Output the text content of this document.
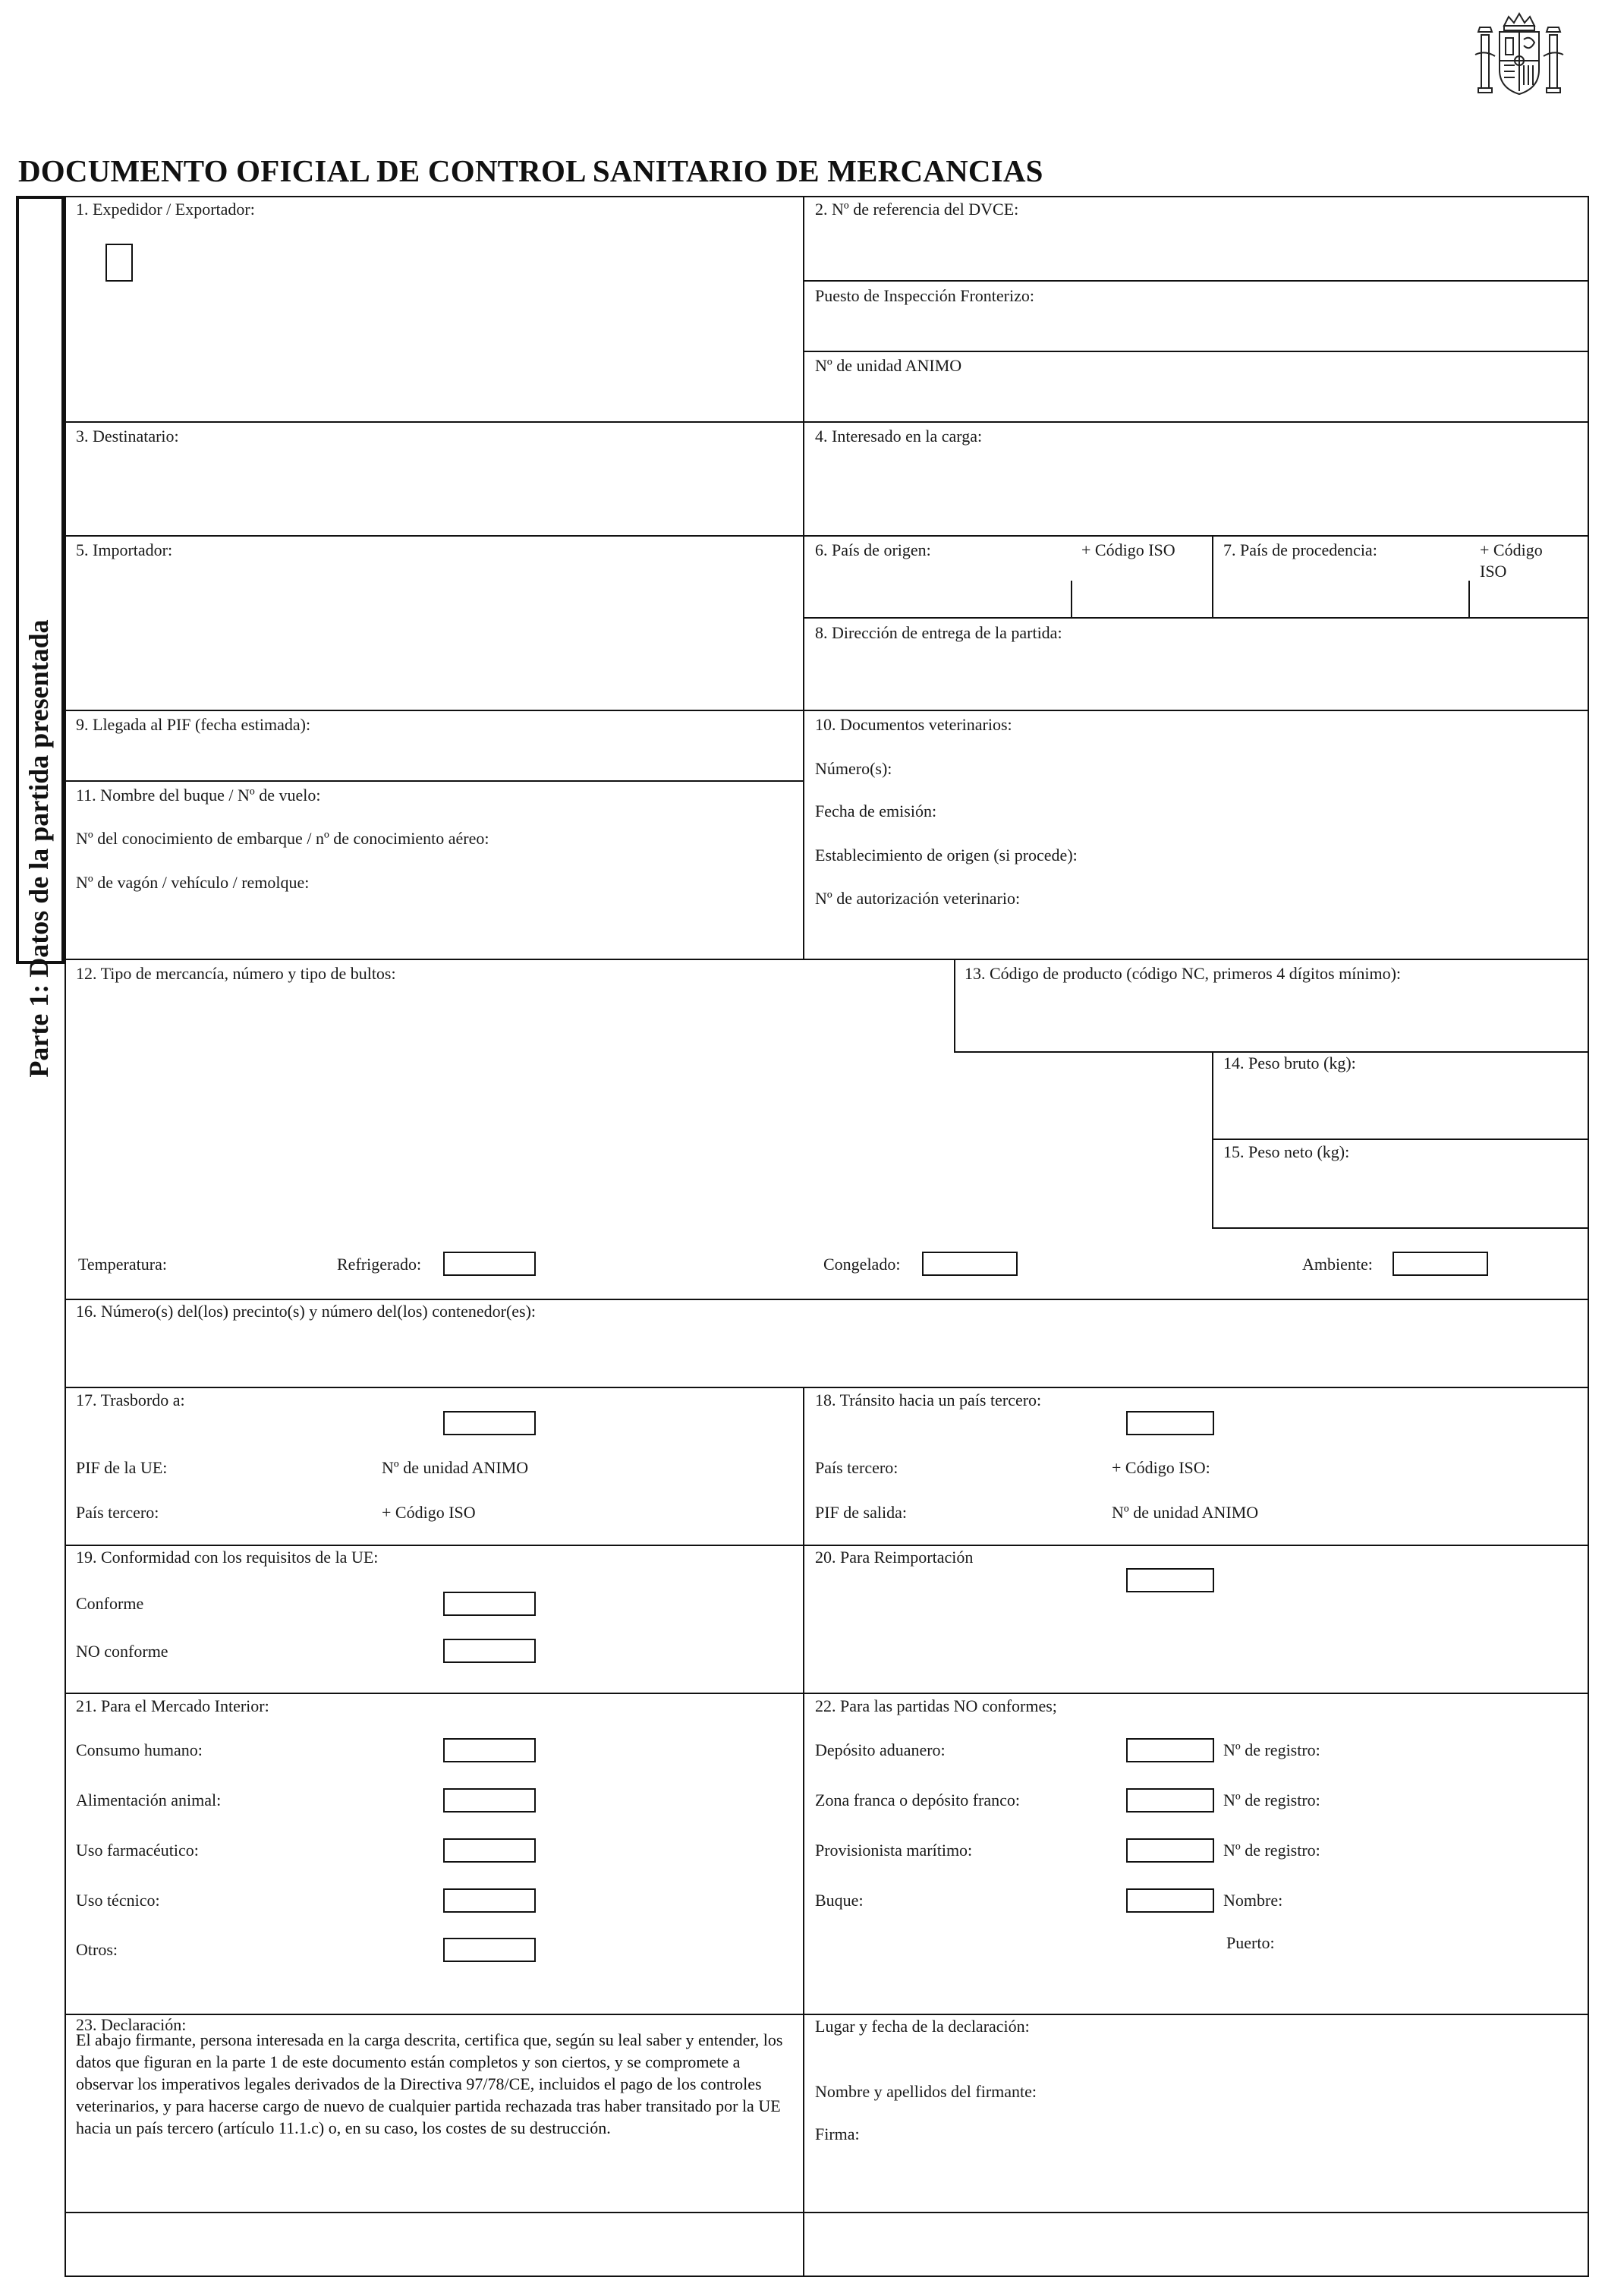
DOCUMENTO OFICIAL DE CONTROL SANITARIO DE MERCANCIAS
Parte 1: Datos de la partida presentada
1. Expedidor / Exportador:	2. Nº de referencia del DVCE:
Puesto de Inspección Fronterizo:
Nº de unidad ANIMO
3. Destinatario:	4. Interesado en la carga:
5. Importador:	6. País de origen:	+ Código ISO	7. País de procedencia:	+ Código
ISO
8. Dirección de entrega de la partida:
9. Llegada al PIF (fecha estimada):	10. Documentos veterinarios:
Número(s):
Fecha de emisión:
Establecimiento de origen (si procede):
Nº de autorización veterinario:
11. Nombre del buque / Nº de vuelo:
Nº del conocimiento de embarque / nº de conocimiento aéreo:
Nº de vagón / vehículo / remolque:
12. Tipo de mercancía, número y tipo de bultos:	13. Código de producto (código NC, primeros 4 dígitos mínimo):
14. Peso bruto (kg):
15. Peso neto (kg):
Temperatura:	Refrigerado:	Congelado:	Ambiente:
16. Número(s) del(los) precinto(s) y número del(los) contenedor(es):
17. Trasbordo a:
PIF de la UE:	Nº de unidad ANIMO
País tercero:	+ Código ISO
18. Tránsito hacia un país tercero:
País tercero:	+ Código ISO:
PIF de salida:	Nº de unidad ANIMO
19. Conformidad con los requisitos de la UE:
Conforme
NO conforme
20. Para Reimportación
21. Para el Mercado Interior:
Consumo humano:
Alimentación animal:
Uso farmacéutico:
Uso técnico:
Otros:
22. Para las partidas NO conformes;
Depósito aduanero:	Nº de registro:
Zona franca o depósito franco:	Nº de registro:
Provisionista marítimo:	Nº de registro:
Buque:	Nombre:
Puerto:
23. Declaración:
El abajo firmante, persona interesada en la carga descrita, certifica que, según su leal saber y entender, los datos que figuran en la parte 1 de este documento están completos y son ciertos, y se compromete a observar los imperativos legales derivados de la Directiva 97/78/CE, incluidos el pago de los controles veterinarios, y para hacerse cargo de nuevo de cualquier partida rechazada tras haber transitado por la UE hacia un país tercero (artículo 11.1.c) o, en su caso, los costes de su destrucción.
Lugar y fecha de la declaración:
Nombre y apellidos del firmante:
Firma:
